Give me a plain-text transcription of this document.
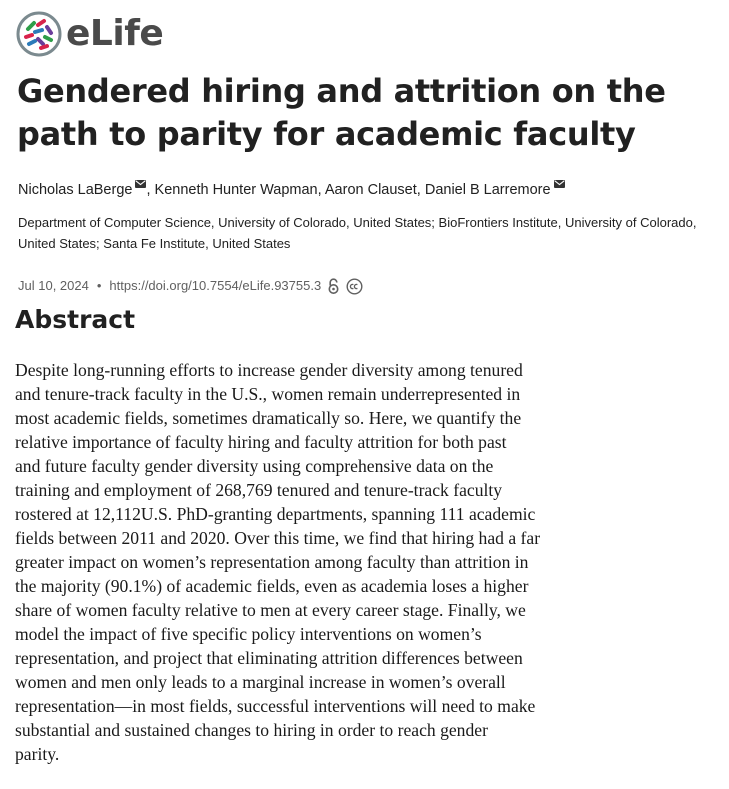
eLife
Gendered hiring and attrition on the path to parity for academic faculty
Nicholas LaBerge , Kenneth Hunter Wapman, Aaron Clauset, Daniel B Larremore
Department of Computer Science, University of Colorado, United States; BioFrontiers Institute, University of Colorado, United States; Santa Fe Institute, United States
Jul 10, 2024 • https://doi.org/10.7554/eLife.93755.3
Abstract

Despite long-running efforts to increase gender diversity among tenured
and tenure-track faculty in the U.S., women remain underrepresented in
most academic fields, sometimes dramatically so. Here, we quantify the
relative importance of faculty hiring and faculty attrition for both past
and future faculty gender diversity using comprehensive data on the
training and employment of 268,769 tenured and tenure-track faculty
rostered at 12,112U.S. PhD-granting departments, spanning 111 academic
fields between 2011 and 2020. Over this time, we find that hiring had a far
greater impact on women’s representation among faculty than attrition in
the majority (90.1%) of academic fields, even as academia loses a higher
share of women faculty relative to men at every career stage. Finally, we
model the impact of five specific policy interventions on women’s
representation, and project that eliminating attrition differences between
women and men only leads to a marginal increase in women’s overall
representation—in most fields, successful interventions will need to make
substantial and sustained changes to hiring in order to reach gender
parity.
